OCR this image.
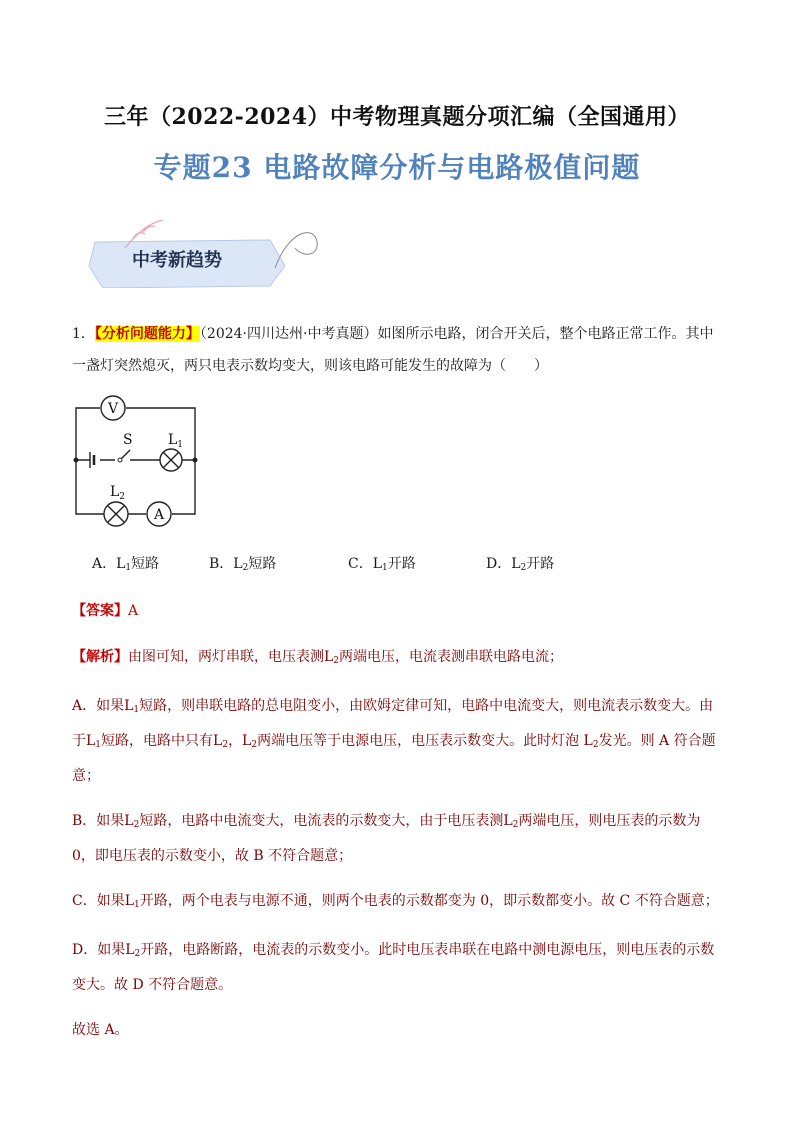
三年（2022-2024）中考物理真题分项汇编（全国通用）
专题23 电路故障分析与电路极值问题
中考新趋势
1．【分析问题能力】（2024·四川达州·中考真题）如图所示电路，闭合开关后，整个电路正常工作。其中
一盏灯突然熄灭，两只电表示数均变大，则该电路可能发生的故障为（　　）
V
A
S	$L_1$
$L_2$
A．$L_1$短路	B．$L_2$短路	C．$L_1$开路	D．$L_2$开路
【答案】A

【解析】由图可知，两灯串联，电压表测$L_2$两端电压，电流表测串联电路电流；

A．如果$L_1$短路，则串联电路的总电阻变小，由欧姆定律可知，电路中电流变大，则电流表示数变大。由于$L_1$短路，电路中只有$L_2$，$L_2$两端电压等于电源电压，电压表示数变大。此时灯泡 $L_2$发光。则 A 符合题意；

B．如果$L_2$短路，电路中电流变大，电流表的示数变大，由于电压表测$L_2$两端电压，则电压表的示数为 0，即电压表的示数变小，故 B 不符合题意；

C．如果$L_1$开路，两个电表与电源不通，则两个电表的示数都变为 0，即示数都变小。故 C 不符合题意；

D．如果$L_2$开路，电路断路，电流表的示数变小。此时电压表串联在电路中测电源电压，则电压表的示数变大。故 D 不符合题意。

故选 A。
